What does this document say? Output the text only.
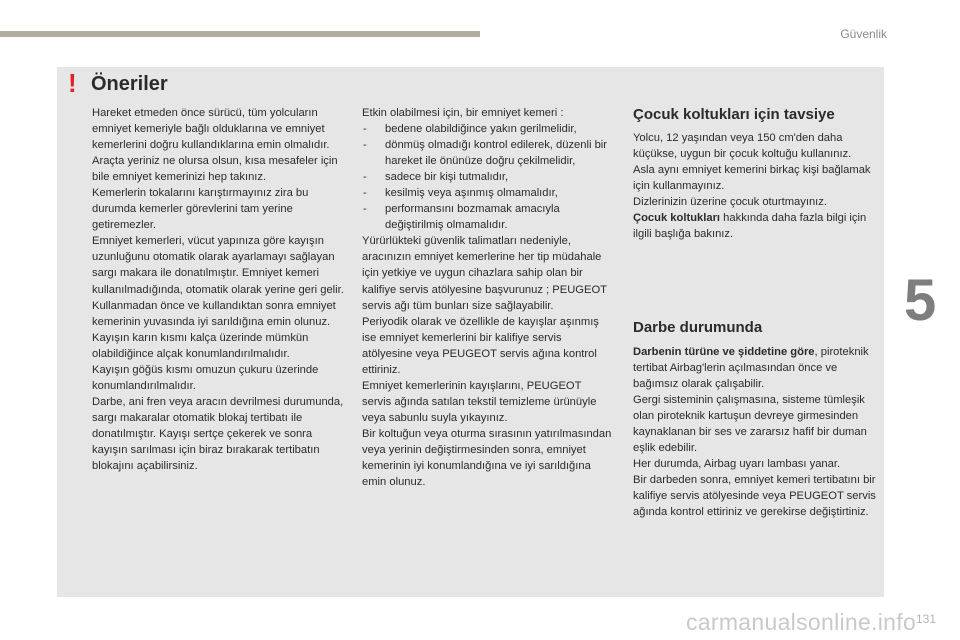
Güvenlik
5
! Öneriler

Hareket etmeden önce sürücü, tüm yolcuların emniyet kemeriyle bağlı olduklarına ve emniyet kemerlerini doğru kullandıklarına emin olmalıdır.

Araçta yeriniz ne olursa olsun, kısa mesafeler için bile emniyet kemerinizi hep takınız.

Kemerlerin tokalarını karıştırmayınız zira bu durumda kemerler görevlerini tam yerine getiremezler.

Emniyet kemerleri, vücut yapınıza göre kayışın uzunluğunu otomatik olarak ayarlamayı sağlayan sargı makara ile donatılmıştır. Emniyet kemeri kullanılmadığında, otomatik olarak yerine geri gelir.

Kullanmadan önce ve kullandıktan sonra emniyet kemerinin yuvasında iyi sarıldığına emin olunuz.

Kayışın karın kısmı kalça üzerinde mümkün olabildiğince alçak konumlandırılmalıdır.

Kayışın göğüs kısmı omuzun çukuru üzerinde konumlandırılmalıdır.

Darbe, ani fren veya aracın devrilmesi durumunda, sargı makaralar otomatik blokaj tertibatı ile donatılmıştır. Kayışı sertçe çekerek ve sonra kayışın sarılması için biraz bırakarak tertibatın blokajını açabilirsiniz.

Etkin olabilmesi için, bir emniyet kemeri :

- bedene olabildiğince yakın gerilmelidir,
- dönmüş olmadığı kontrol edilerek, düzenli bir hareket ile önünüze doğru çekilmelidir,
- sadece bir kişi tutmalıdır,
- kesilmiş veya aşınmış olmamalıdır,
- performansını bozmamak amacıyla değiştirilmiş olmamalıdır.

Yürürlükteki güvenlik talimatları nedeniyle, aracınızın emniyet kemerlerine her tip müdahale için yetkiye ve uygun cihazlara sahip olan bir kalifiye servis atölyesine başvurunuz ; PEUGEOT servis ağı tüm bunları size sağlayabilir.

Periyodik olarak ve özellikle de kayışlar aşınmış ise emniyet kemerlerini bir kalifiye servis atölyesine veya PEUGEOT servis ağına kontrol ettiriniz.

Emniyet kemerlerinin kayışlarını, PEUGEOT servis ağında satılan tekstil temizleme ürünüyle veya sabunlu suyla yıkayınız.

Bir koltuğun veya oturma sırasının yatırılmasından veya yerinin değiştirmesinden sonra, emniyet kemerinin iyi konumlandığına ve iyi sarıldığına emin olunuz.

Çocuk koltukları için tavsiye

Yolcu, 12 yaşından veya 150 cm'den daha küçükse, uygun bir çocuk koltuğu kullanınız.

Asla aynı emniyet kemerini birkaç kişi bağlamak için kullanmayınız.

Dizlerinizin üzerine çocuk oturtmayınız.

Çocuk koltukları hakkında daha fazla bilgi için ilgili başlığa bakınız.

Darbe durumunda

Darbenin türüne ve şiddetine göre, piroteknik tertibat Airbag'lerin açılmasından önce ve bağımsız olarak çalışabilir.

Gergi sisteminin çalışmasına, sisteme tümleşik olan piroteknik kartuşun devreye girmesinden kaynaklanan bir ses ve zararsız hafif bir duman eşlik edebilir.

Her durumda, Airbag uyarı lambası yanar.

Bir darbeden sonra, emniyet kemeri tertibatını bir kalifiye servis atölyesinde veya PEUGEOT servis ağında kontrol ettiriniz ve gerekirse değiştirtiniz.

carmanualsonline.info 131
